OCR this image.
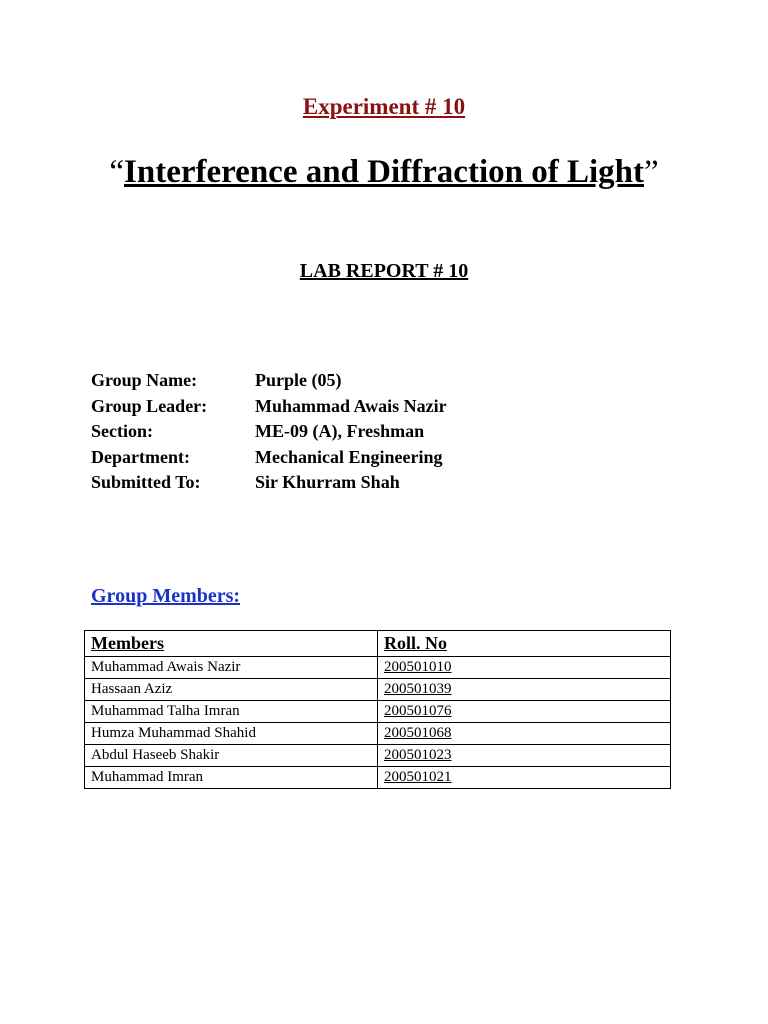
Experiment # 10
“Interference and Diffraction of Light”
LAB REPORT # 10
Group Name:	Purple (05)
Group Leader:	Muhammad Awais Nazir
Section:	ME-09 (A), Freshman
Department:	Mechanical Engineering
Submitted To:	Sir Khurram Shah
Group Members:
Members	Roll. No
Muhammad Awais Nazir	200501010
Hassaan Aziz	200501039
Muhammad Talha Imran	200501076
Humza Muhammad Shahid	200501068
Abdul Haseeb Shakir	200501023
Muhammad Imran	200501021
